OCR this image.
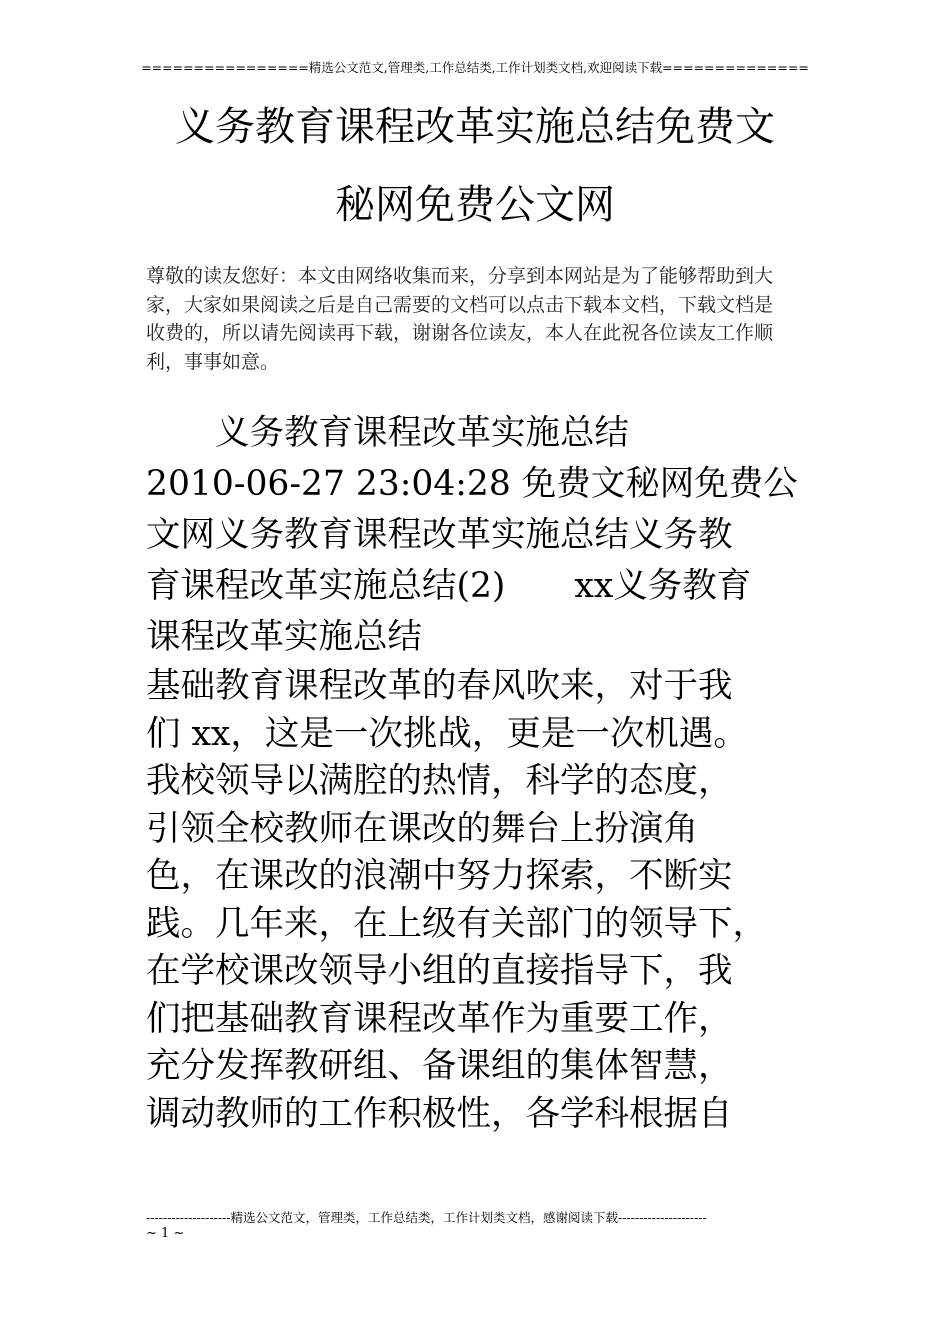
================精选公文范文,管理类,工作总结类,工作计划类文档,欢迎阅读下载==============
义务教育课程改革实施总结免费文
秘网免费公文网
尊敬的读友您好：本文由网络收集而来，分享到本网站是为了能够帮助到大
家，大家如果阅读之后是自己需要的文档可以点击下载本文档，下载文档是
收费的，所以请先阅读再下载，谢谢各位读友，本人在此祝各位读友工作顺
利，事事如意。
　　义务教育课程改革实施总结
2010-06-27 23:04:28 免费文秘网免费公
文网义务教育课程改革实施总结义务教
育课程改革实施总结(2)　　xx义务教育
课程改革实施总结
基础教育课程改革的春风吹来，对于我
们 xx，这是一次挑战，更是一次机遇。
我校领导以满腔的热情，科学的态度，
引领全校教师在课改的舞台上扮演角
色，在课改的浪潮中努力探索，不断实
践。几年来，在上级有关部门的领导下，
在学校课改领导小组的直接指导下，我
们把基础教育课程改革作为重要工作，
充分发挥教研组、备课组的集体智慧，
调动教师的工作积极性，各学科根据自
--------------------精选公文范文，管理类，工作总结类，工作计划类文档，感谢阅读下载---------------------
~ 1 ~
